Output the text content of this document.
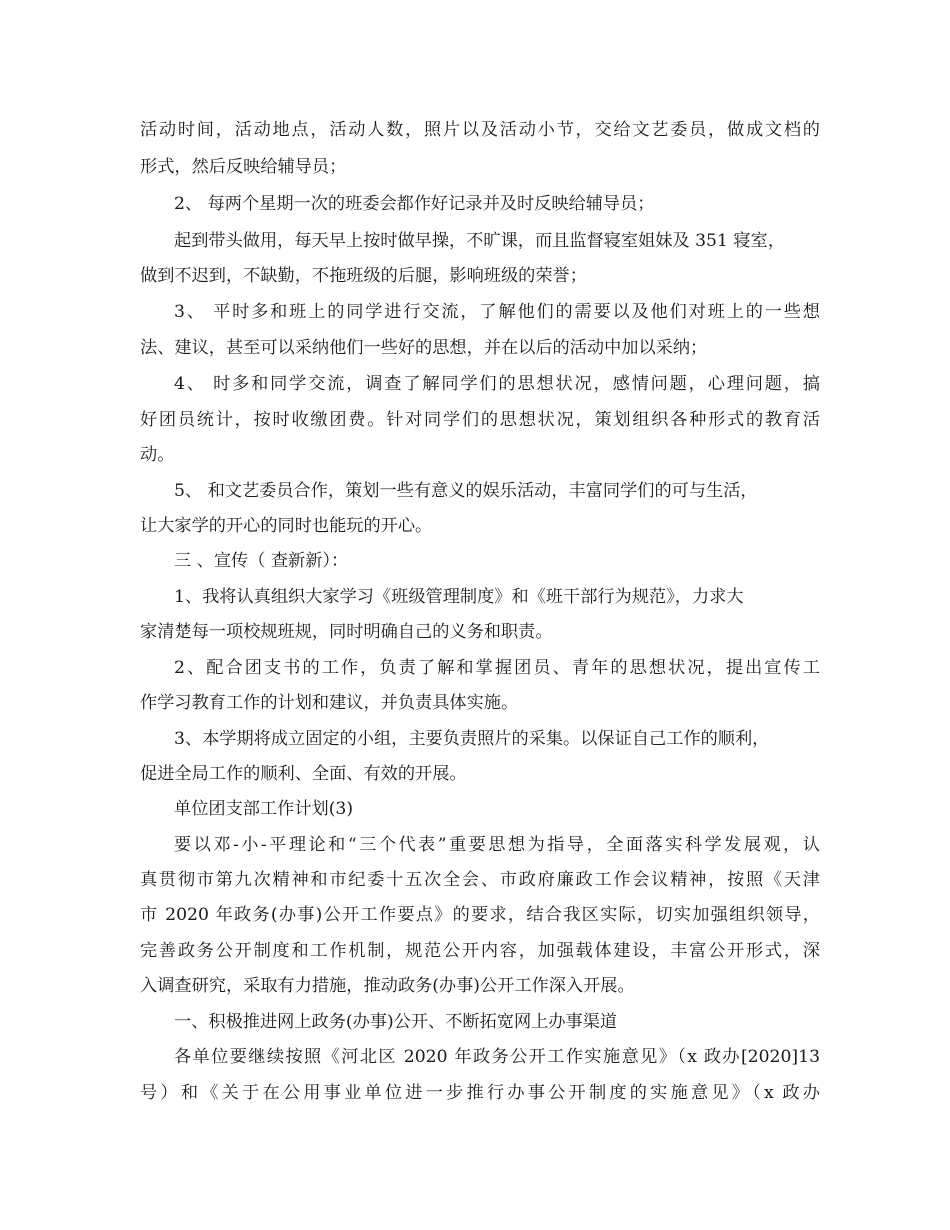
活动时间，活动地点，活动人数，照片以及活动小节，交给文艺委员，做成文档的
形式，然后反映给辅导员；
2、 每两个星期一次的班委会都作好记录并及时反映给辅导员；
起到带头做用，每天早上按时做早操，不旷课，而且监督寝室姐妹及 351 寝室，
做到不迟到，不缺勤，不拖班级的后腿，影响班级的荣誉；
3、 平时多和班上的同学进行交流，了解他们的需要以及他们对班上的一些想
法、建议，甚至可以采纳他们一些好的思想，并在以后的活动中加以采纳；
4、 时多和同学交流，调查了解同学们的思想状况，感情问题，心理问题，搞
好团员统计，按时收缴团费。针对同学们的思想状况，策划组织各种形式的教育活
动。
5、 和文艺委员合作，策划一些有意义的娱乐活动，丰富同学们的可与生活，
让大家学的开心的同时也能玩的开心。
三 、宣传（ 查新新）：
1、我将认真组织大家学习《班级管理制度》和《班干部行为规范》，力求大
家清楚每一项校规班规，同时明确自己的义务和职责。
2、配合团支书的工作，负责了解和掌握团员、青年的思想状况，提出宣传工
作学习教育工作的计划和建议，并负责具体实施。
3、本学期将成立固定的小组，主要负责照片的采集。以保证自己工作的顺利，
促进全局工作的顺利、全面、有效的开展。
单位团支部工作计划(3)
要以邓-小-平理论和“三个代表”重要思想为指导，全面落实科学发展观，认
真贯彻市第九次精神和市纪委十五次全会、市政府廉政工作会议精神，按照《天津
市 2020 年政务(办事)公开工作要点》的要求，结合我区实际，切实加强组织领导，
完善政务公开制度和工作机制，规范公开内容，加强载体建设，丰富公开形式，深
入调查研究，采取有力措施，推动政务(办事)公开工作深入开展。
一、积极推进网上政务(办事)公开、不断拓宽网上办事渠道
各单位要继续按照《河北区 2020 年政务公开工作实施意见》（x 政办[2020]13
号）和《关于在公用事业单位进一步推行办事公开制度的实施意见》（x 政办
